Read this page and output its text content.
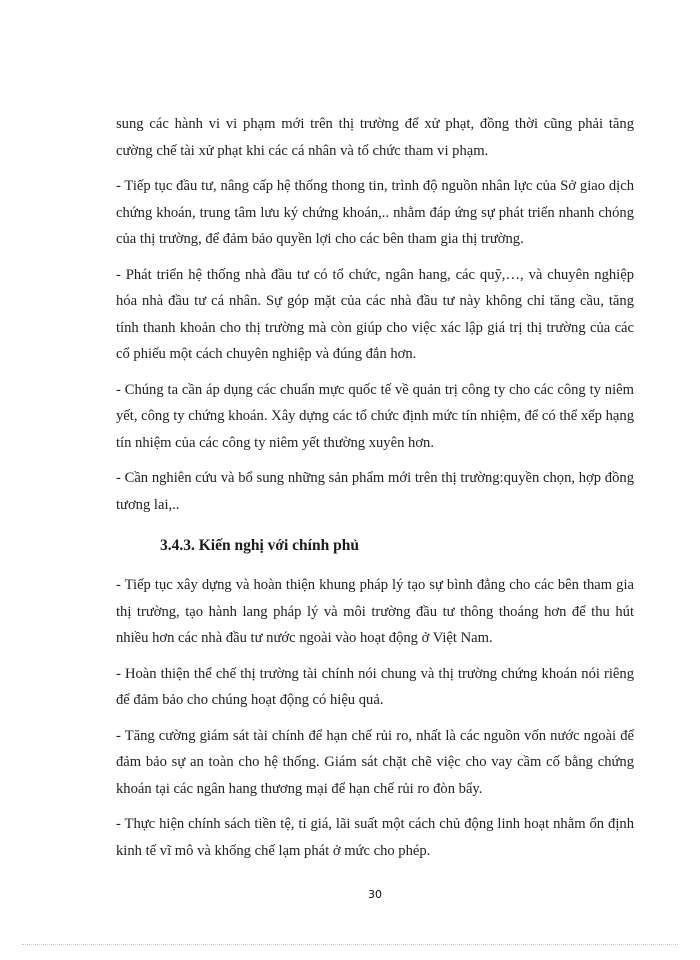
sung các hành vi vi phạm mới trên thị trường để xử phạt, đồng thời cũng phải tăng cường chế tài xử phạt khi các cá nhân và tổ chức tham vi phạm.

- Tiếp tục đầu tư, nâng cấp hệ thống thong tin, trình độ nguồn nhân lực của Sở giao dịch chứng khoán, trung tâm lưu ký chứng khoán,.. nhằm đáp ứng sự phát triển nhanh chóng của thị trường, để đảm bảo quyền lợi cho các bên tham gia thị trường.

- Phát triển hệ thống nhà đầu tư có tổ chức, ngân hang, các quỹ,…, và chuyên nghiệp hóa nhà đầu tư cá nhân. Sự góp mặt của các nhà đầu tư này không chỉ tăng cầu, tăng tính thanh khoản cho thị trường mà còn giúp cho việc xác lập giá trị thị trường của các cổ phiếu một cách chuyên nghiệp và đúng đắn hơn.

- Chúng ta cần áp dụng các chuẩn mực quốc tế về quản trị công ty cho các công ty niêm yết, công ty chứng khoán. Xây dựng các tổ chức định mức tín nhiệm, để có thể xếp hạng tín nhiệm của các công ty niêm yết thường xuyên hơn.

- Cần nghiên cứu và bổ sung những sản phẩm mới trên thị trường:quyền chọn, hợp đồng tương lai,..

3.4.3. Kiến nghị với chính phủ

- Tiếp tục xây dựng và hoàn thiện khung pháp lý tạo sự bình đẳng cho các bên tham gia thị trường, tạo hành lang pháp lý và môi trường đầu tư thông thoáng hơn để thu hút nhiều hơn các nhà đầu tư nước ngoài vào hoạt động ở Việt Nam.

- Hoàn thiện thể chế thị trường tài chính nói chung và thị trường chứng khoán nói riêng để đảm bảo cho chúng hoạt động có hiệu quả.

- Tăng cường giám sát tài chính để hạn chế rủi ro, nhất là các nguồn vốn nước ngoài để đảm bảo sự an toàn cho hệ thống. Giám sát chặt chẽ việc cho vay cầm cố bằng chứng khoán tại các ngân hang thương mại để hạn chế rủi ro đòn bẩy.

- Thực hiện chính sách tiền tệ, tỉ giá, lãi suất một cách chủ động linh hoạt nhằm ổn định kinh tế vĩ mô và khống chế lạm phát ở mức cho phép.

30
